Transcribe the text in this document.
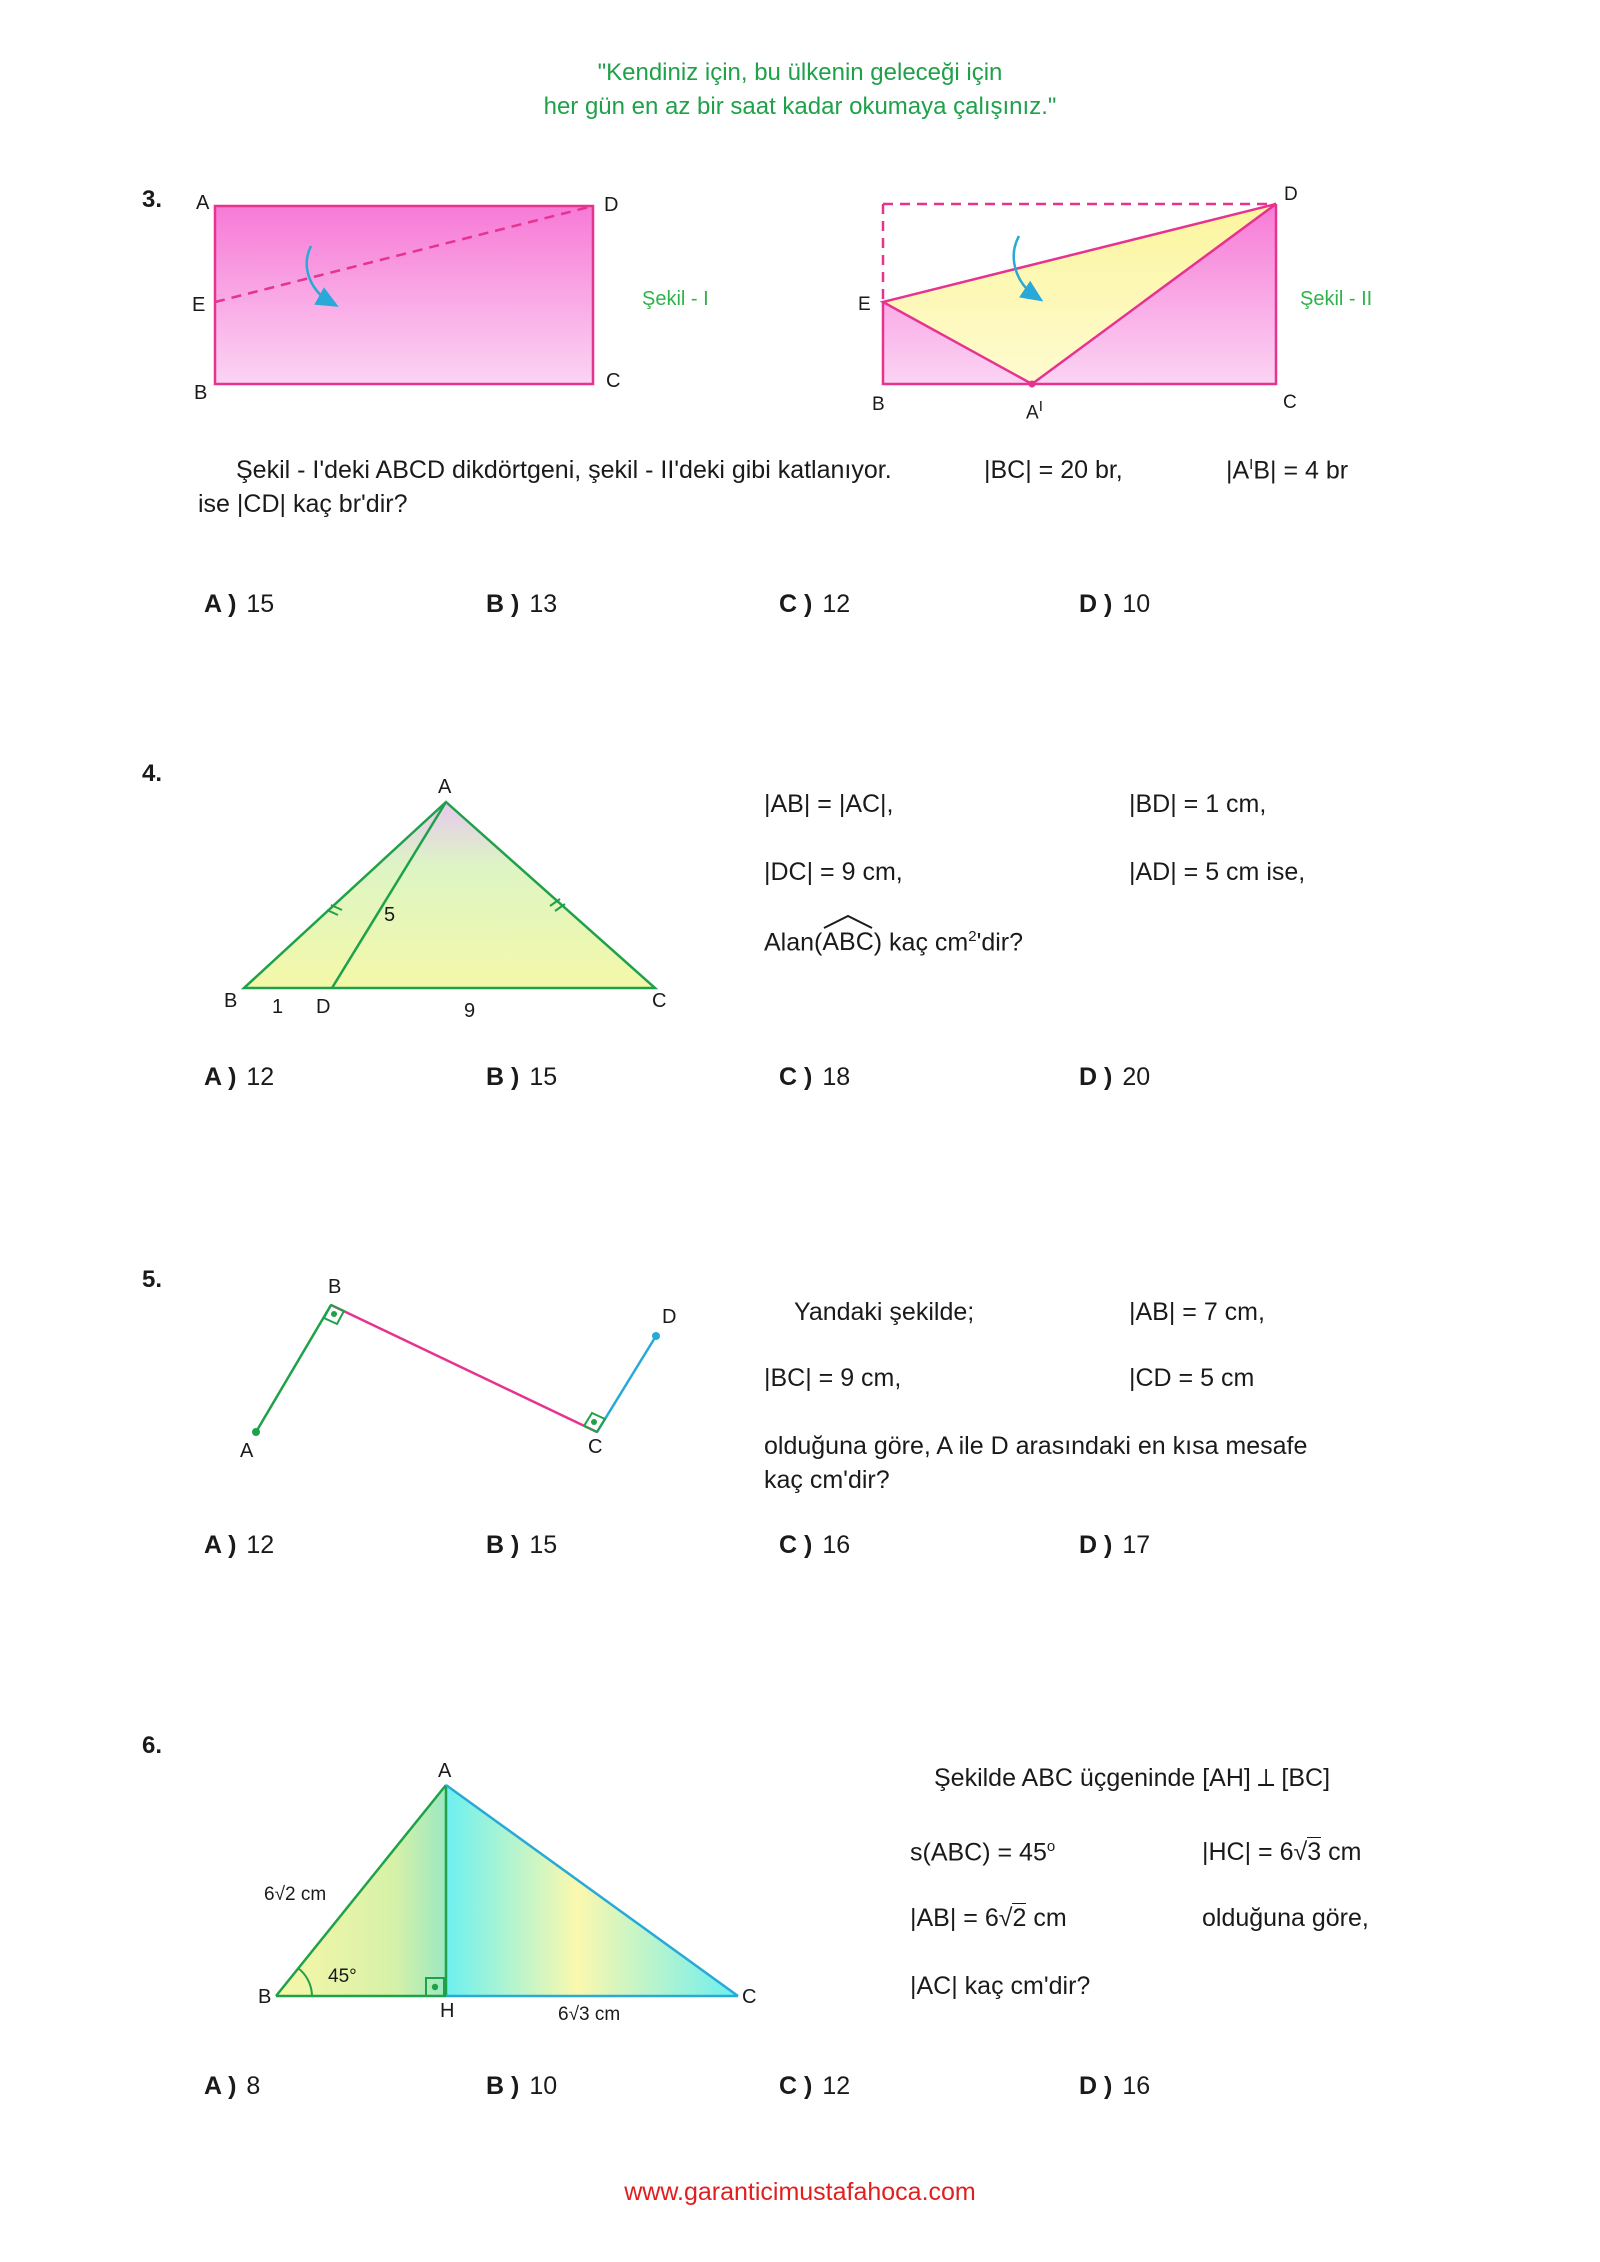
"Kendiniz için, bu ülkenin geleceği için
her gün en az bir saat kadar okumaya çalışınız."
3. A	D
E
B
C
Şekil - I
D
E
B	$A^I$	C
Şekil - II
Şekil - I'deki ABCD dikdörtgeni, şekil - II'deki gibi katlanıyor.	|BC| = 20 br,	$|A^IB| = 4$ br
ise |CD| kaç br'dir?
A ) 15	B ) 13	C ) 12	D ) 10
4.	A
B	C
D
1	9
5
|AB| = |AC|,	|BD| = 1 cm,
|DC| = 9 cm,	|AD| = 5 cm ise,
Alan(
ABC) kaç $cm^2'dir$?
A ) 12	B ) 15	C ) 18	D ) 20
5.
A
B
C
D	Yandaki şekilde;	|AB| = 7 cm,
|BC| = 9 cm,	|CD = 5 cm
olduğuna göre, A ile D arasındaki en kısa mesafe
kaç cm'dir?
A ) 12	B ) 15	C ) 16	D ) 17
6.
A
B	C
H
6√2 cm
45°
6√3 cm
Şekilde ABC üçgeninde [AH] ⟂ [BC]
$s(ABC) = 45^o$	|HC| = 6√3 cm
|AB| = 6√2 cm	olduğuna göre,
|AC| kaç cm'dir?
A ) 8	B ) 10	C ) 12	D ) 16
www.garanticimustafahoca.com
